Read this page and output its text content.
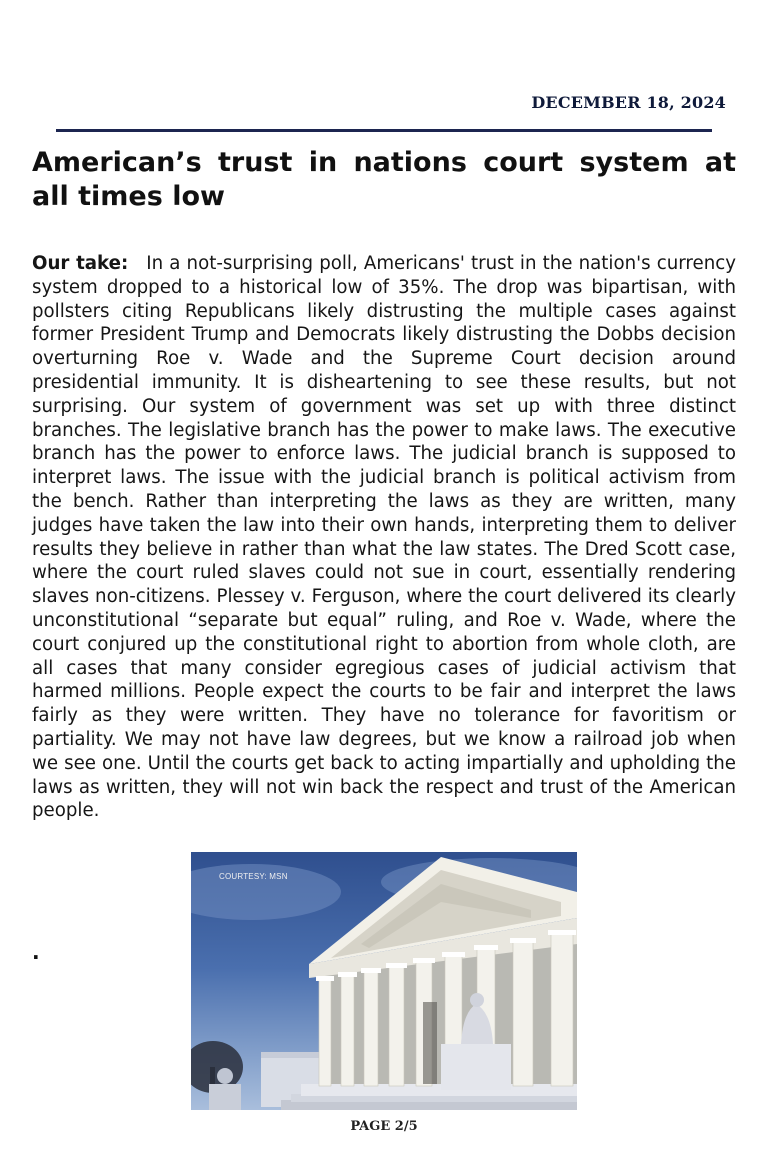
DECEMBER 18, 2024
American’s trust in nations court system at all times low

Our take: In a not-surprising poll, Americans' trust in the nation's currency system dropped to a historical low of 35%. The drop was bipartisan, with pollsters citing Republicans likely distrusting the multiple cases against former President Trump and Democrats likely distrusting the Dobbs decision overturning Roe v. Wade and the Supreme Court decision around presidential immunity. It is disheartening to see these results, but not surprising. Our system of government was set up with three distinct branches. The legislative branch has the power to make laws. The executive branch has the power to enforce laws. The judicial branch is supposed to interpret laws. The issue with the judicial branch is political activism from the bench. Rather than interpreting the laws as they are written, many judges have taken the law into their own hands, interpreting them to deliver results they believe in rather than what the law states. The Dred Scott case, where the court ruled slaves could not sue in court, essentially rendering slaves non-citizens. Plessey v. Ferguson, where the court delivered its clearly unconstitutional “separate but equal” ruling, and Roe v. Wade, where the court conjured up the constitutional right to abortion from whole cloth, are all cases that many consider egregious cases of judicial activism that harmed millions. People expect the courts to be fair and interpret the laws fairly as they were written. They have no tolerance for favoritism or partiality. We may not have law degrees, but we know a railroad job when we see one. Until the courts get back to acting impartially and upholding the laws as written, they will not win back the respect and trust of the American people.

.
COURTESY: MSN
PAGE 2/5
